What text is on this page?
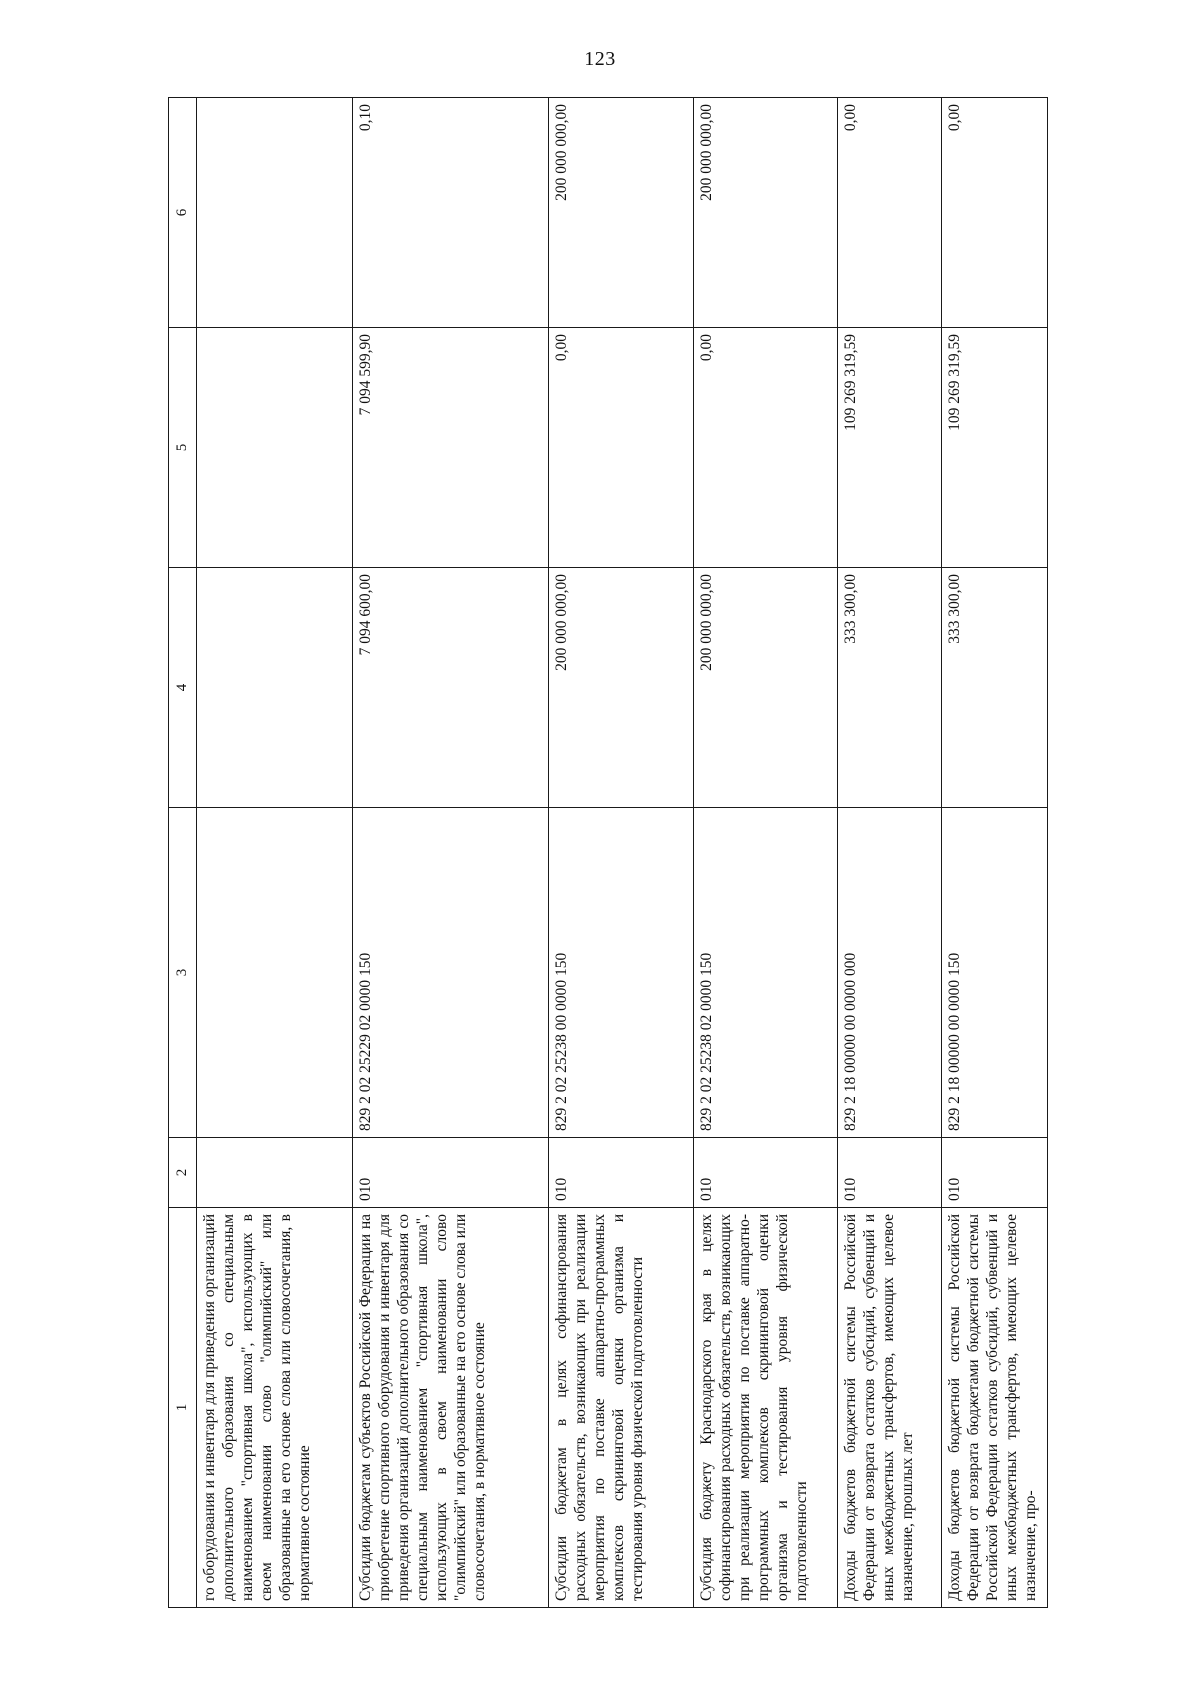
123
1	2	3	4	5	6
го оборудования и инвентаря для приведения организаций дополнительного образования со специальным наименованием "спортивная школа", использующих в своем наименовании слово "олимпийский" или образованные на его основе слова или словосочетания, в нормативное состояние					
Субсидии бюджетам субъектов Российской Федерации на приобретение спортивного оборудования и инвентаря для приведения организаций дополнительного образования со специальным наименованием "спортивная школа", использующих в своем наименовании слово "олимпийский" или образованные на его основе слова или словосочетания, в нормативное состояние	010	829 2 02 25229 02 0000 150	7 094 600,00	7 094 599,90	0,10
Субсидии бюджетам в целях софинансирования расходных обязательств, возникающих при реализации мероприятия по поставке аппаратно-программных комплексов скрининговой оценки организма и тестирования уровня физической подготовленности	010	829 2 02 25238 00 0000 150	200 000 000,00	0,00	200 000 000,00
Субсидия бюджету Краснодарского края в целях софинансирования расходных обязательств, возникающих при реализации мероприятия по поставке аппаратно-программных комплексов скрининговой оценки организма и тестирования уровня физической подготовленности	010	829 2 02 25238 02 0000 150	200 000 000,00	0,00	200 000 000,00
Доходы бюджетов бюджетной системы Российской Федерации от возврата остатков субсидий, субвенций и иных межбюджетных трансфертов, имеющих целевое назначение, прошлых лет	010	829 2 18 00000 00 0000 000	333 300,00	109 269 319,59	0,00
Доходы бюджетов бюджетной системы Российской Федерации от возврата бюджетами бюджетной системы Российской Федерации остатков субсидий, субвенций и иных межбюджетных трансфертов, имеющих целевое назначение, про-	010	829 2 18 00000 00 0000 150	333 300,00	109 269 319,59	0,00
